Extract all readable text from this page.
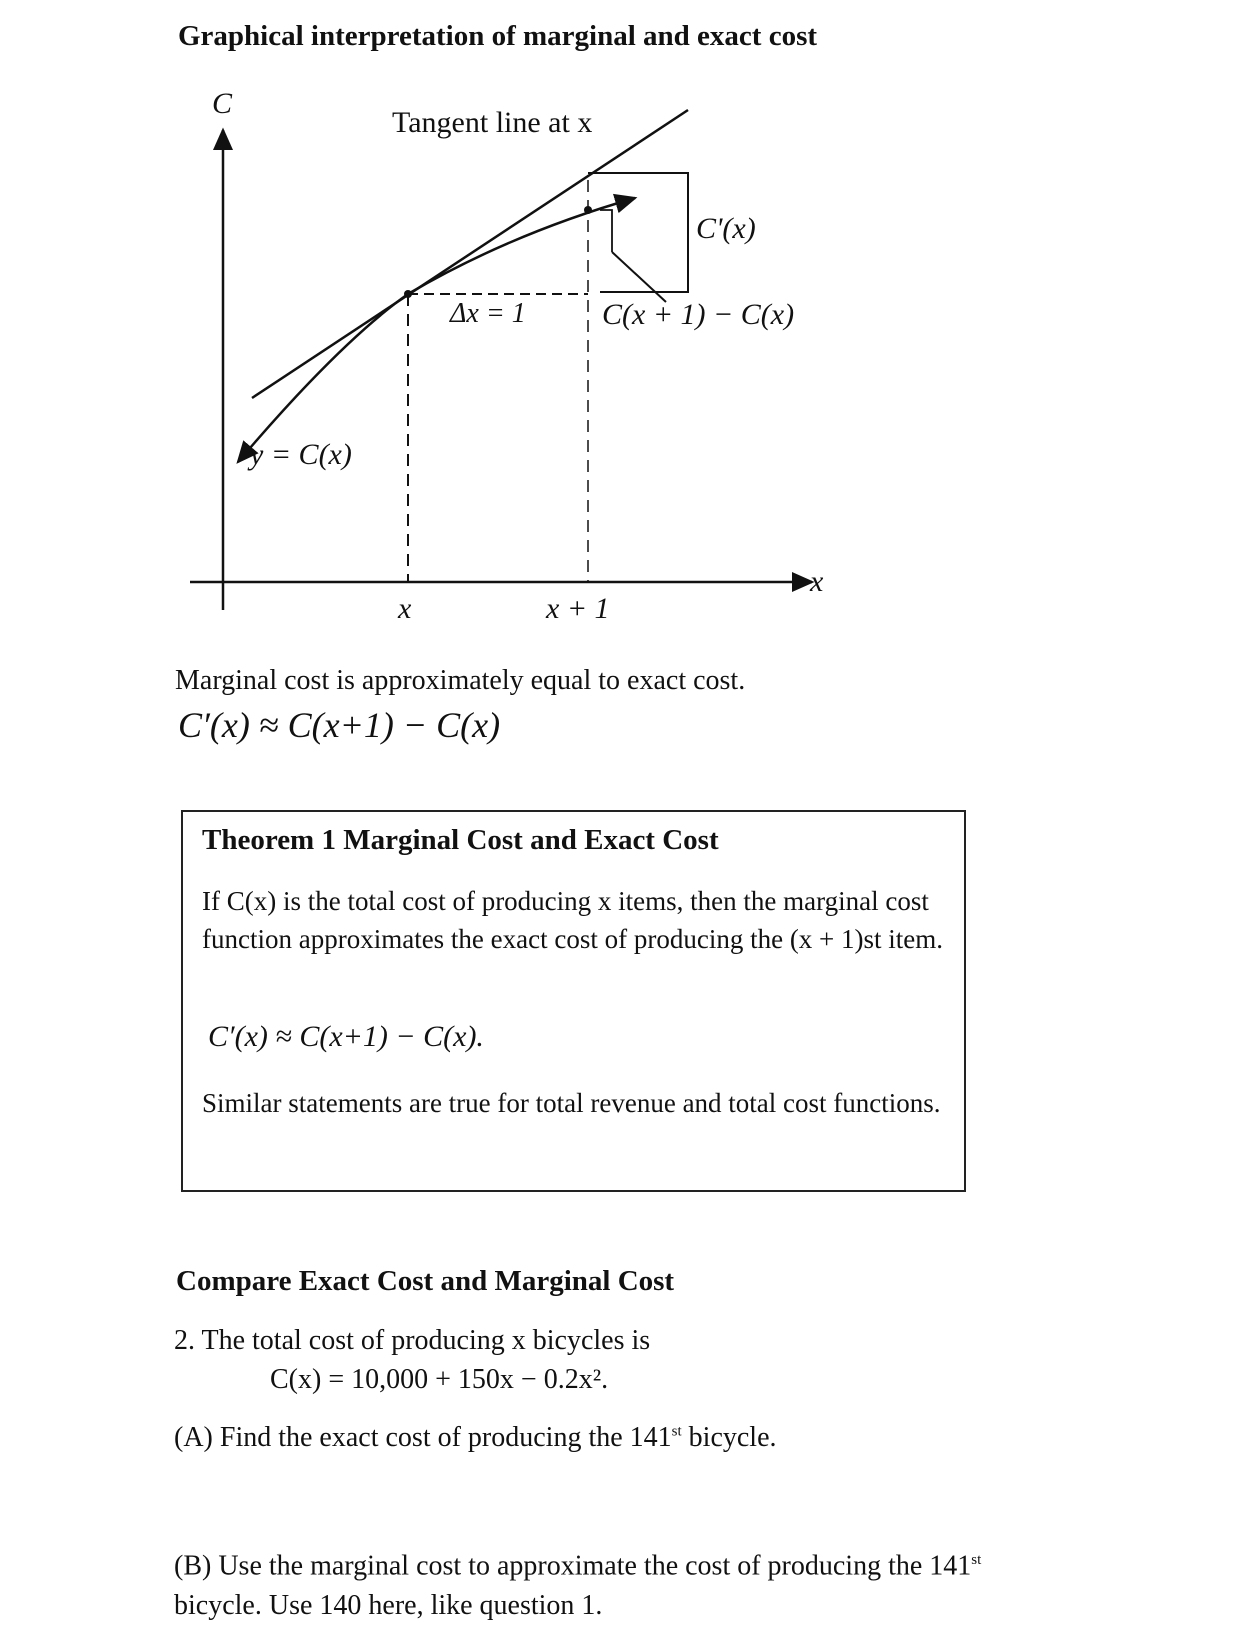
Graphical interpretation of marginal and exact cost
C
x
Tangent line at x
C'(x)
Δx = 1	C(x + 1) − C(x)
y = C(x)
x	x + 1
Marginal cost is approximately equal to exact cost.
C′(x) ≈ C(x+1) − C(x)
Theorem 1 Marginal Cost and Exact Cost
If C(x) is the total cost of producing x items, then the marginal cost function approximates the exact cost of producing the (x + 1)st item.
C′(x) ≈ C(x+1) − C(x).
Similar statements are true for total revenue and total cost functions.
Compare Exact Cost and Marginal Cost
2. The total cost of producing x bicycles is
C(x) = 10,000 + 150x − 0.2x².
(A) Find the exact cost of producing the 141st bicycle.
(B) Use the marginal cost to approximate the cost of producing the 141st bicycle. Use 140 here, like question 1.
